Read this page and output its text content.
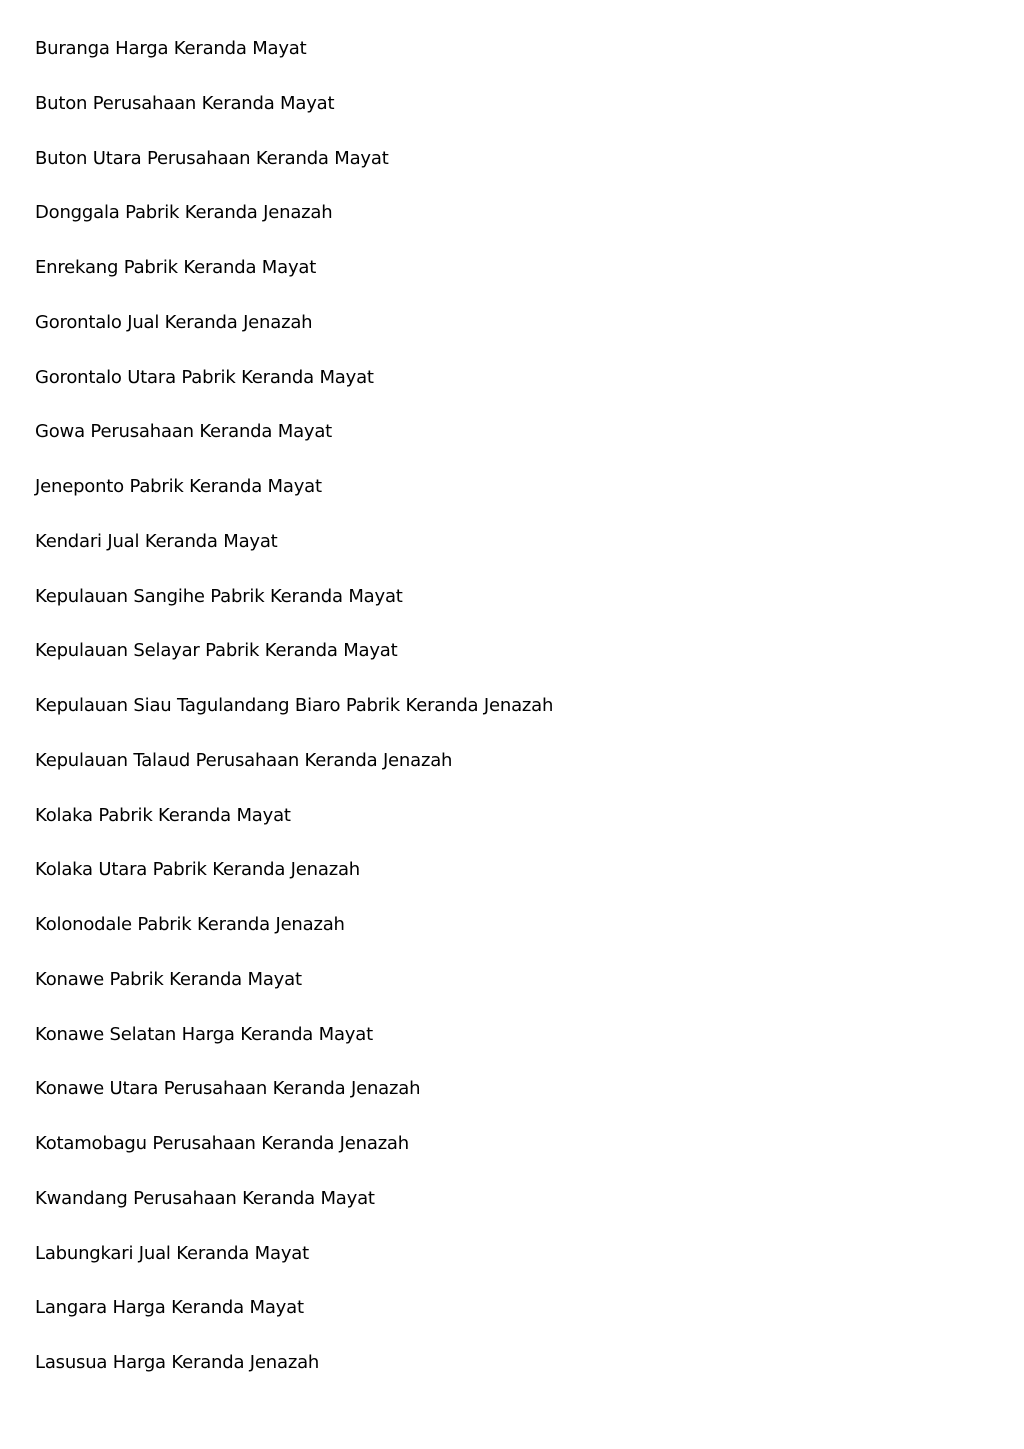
Buranga Harga Keranda Mayat
Buton Perusahaan Keranda Mayat
Buton Utara Perusahaan Keranda Mayat
Donggala Pabrik Keranda Jenazah
Enrekang Pabrik Keranda Mayat
Gorontalo Jual Keranda Jenazah
Gorontalo Utara Pabrik Keranda Mayat
Gowa Perusahaan Keranda Mayat
Jeneponto Pabrik Keranda Mayat
Kendari Jual Keranda Mayat
Kepulauan Sangihe Pabrik Keranda Mayat
Kepulauan Selayar Pabrik Keranda Mayat
Kepulauan Siau Tagulandang Biaro Pabrik Keranda Jenazah
Kepulauan Talaud Perusahaan Keranda Jenazah
Kolaka Pabrik Keranda Mayat
Kolaka Utara Pabrik Keranda Jenazah
Kolonodale Pabrik Keranda Jenazah
Konawe Pabrik Keranda Mayat
Konawe Selatan Harga Keranda Mayat
Konawe Utara Perusahaan Keranda Jenazah
Kotamobagu Perusahaan Keranda Jenazah
Kwandang Perusahaan Keranda Mayat
Labungkari Jual Keranda Mayat
Langara Harga Keranda Mayat
Lasusua Harga Keranda Jenazah
